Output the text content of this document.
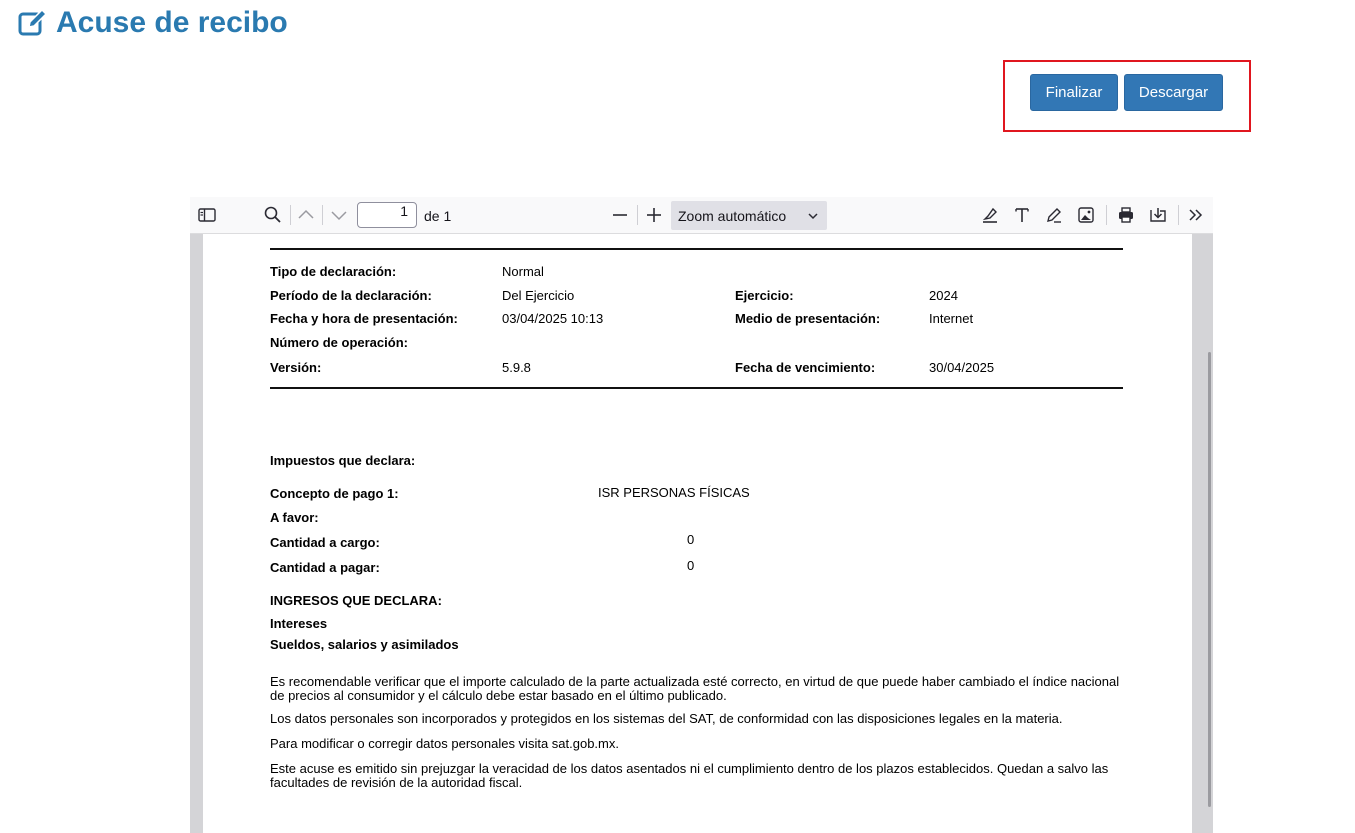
Acuse de recibo
Finalizar	Descargar
1	de 1	Zoom automático
Tipo de declaración:	Normal
Período de la declaración:	Del Ejercicio	Ejercicio:	2024
Fecha y hora de presentación:	03/04/2025 10:13	Medio de presentación:	Internet
Número de operación:
Versión:	5.9.8	Fecha de vencimiento:	30/04/2025
Impuestos que declara:
Concepto de pago 1:	ISR PERSONAS FÍSICAS
A favor:
Cantidad a cargo:	0
Cantidad a pagar:	0
INGRESOS QUE DECLARA:
Intereses
Sueldos, salarios y asimilados
Es recomendable verificar que el importe calculado de la parte actualizada esté correcto, en virtud de que puede haber cambiado el índice nacional de precios al consumidor y el cálculo debe estar basado en el último publicado.
Los datos personales son incorporados y protegidos en los sistemas del SAT, de conformidad con las disposiciones legales en la materia.
Para modificar o corregir datos personales visita sat.gob.mx.
Este acuse es emitido sin prejuzgar la veracidad de los datos asentados ni el cumplimiento dentro de los plazos establecidos. Quedan a salvo las facultades de revisión de la autoridad fiscal.
